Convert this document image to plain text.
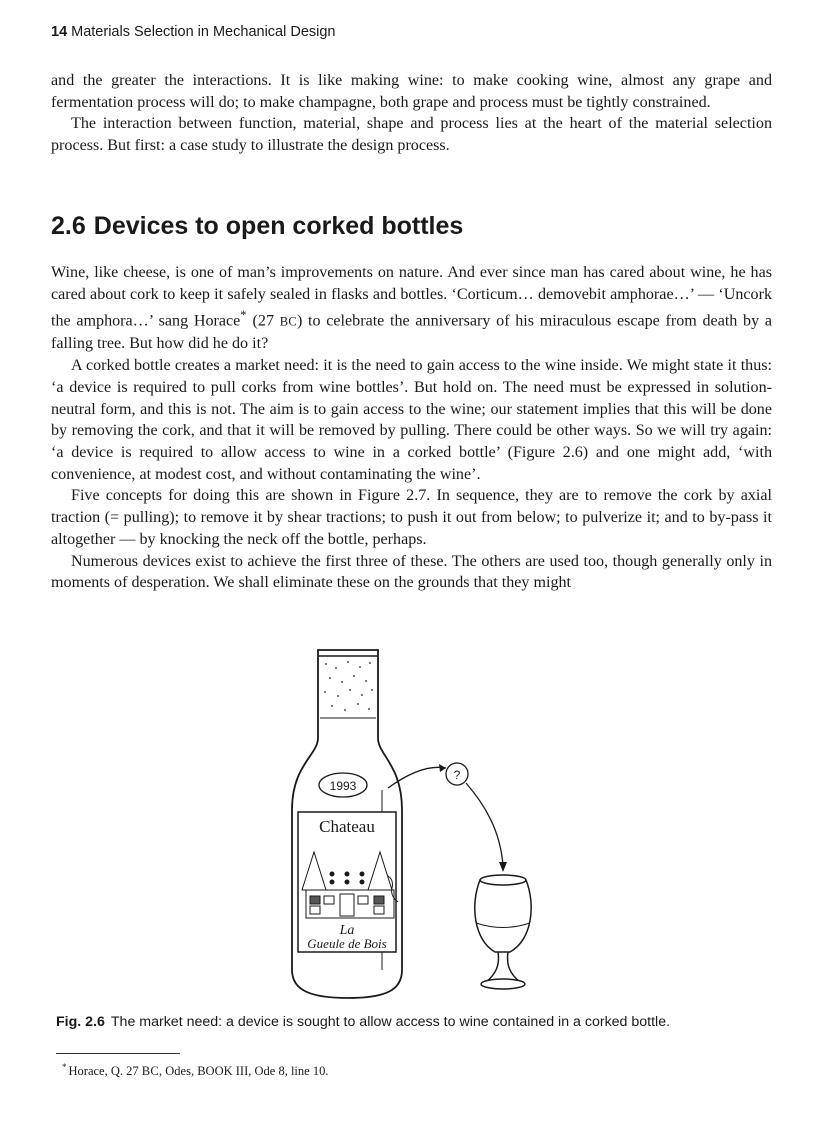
14 Materials Selection in Mechanical Design

and the greater the interactions. It is like making wine: to make cooking wine, almost any grape and fermentation process will do; to make champagne, both grape and process must be tightly constrained.

The interaction between function, material, shape and process lies at the heart of the material selection process. But first: a case study to illustrate the design process.

2.6 Devices to open corked bottles

Wine, like cheese, is one of man’s improvements on nature. And ever since man has cared about wine, he has cared about cork to keep it safely sealed in flasks and bottles. ‘Corticum… demovebit amphorae…’ — ‘Uncork the amphora…’ sang Horace* (27 BC) to celebrate the anniversary of his miraculous escape from death by a falling tree. But how did he do it?

A corked bottle creates a market need: it is the need to gain access to the wine inside. We might state it thus: ‘a device is required to pull corks from wine bottles’. But hold on. The need must be expressed in solution-neutral form, and this is not. The aim is to gain access to the wine; our statement implies that this will be done by removing the cork, and that it will be removed by pulling. There could be other ways. So we will try again: ‘a device is required to allow access to wine in a corked bottle’ (Figure 2.6) and one might add, ‘with convenience, at modest cost, and without contaminating the wine’.

Five concepts for doing this are shown in Figure 2.7. In sequence, they are to remove the cork by axial traction (= pulling); to remove it by shear tractions; to push it out from below; to pulverize it; and to by-pass it altogether — by knocking the neck off the bottle, perhaps.

Numerous devices exist to achieve the first three of these. The others are used too, though generally only in moments of desperation. We shall eliminate these on the grounds that they might

1993
Chateau
La
Gueule de Bois
?
Fig. 2.6 The market need: a device is sought to allow access to wine contained in a corked bottle.
* Horace, Q. 27 BC, Odes, BOOK III, Ode 8, line 10.
